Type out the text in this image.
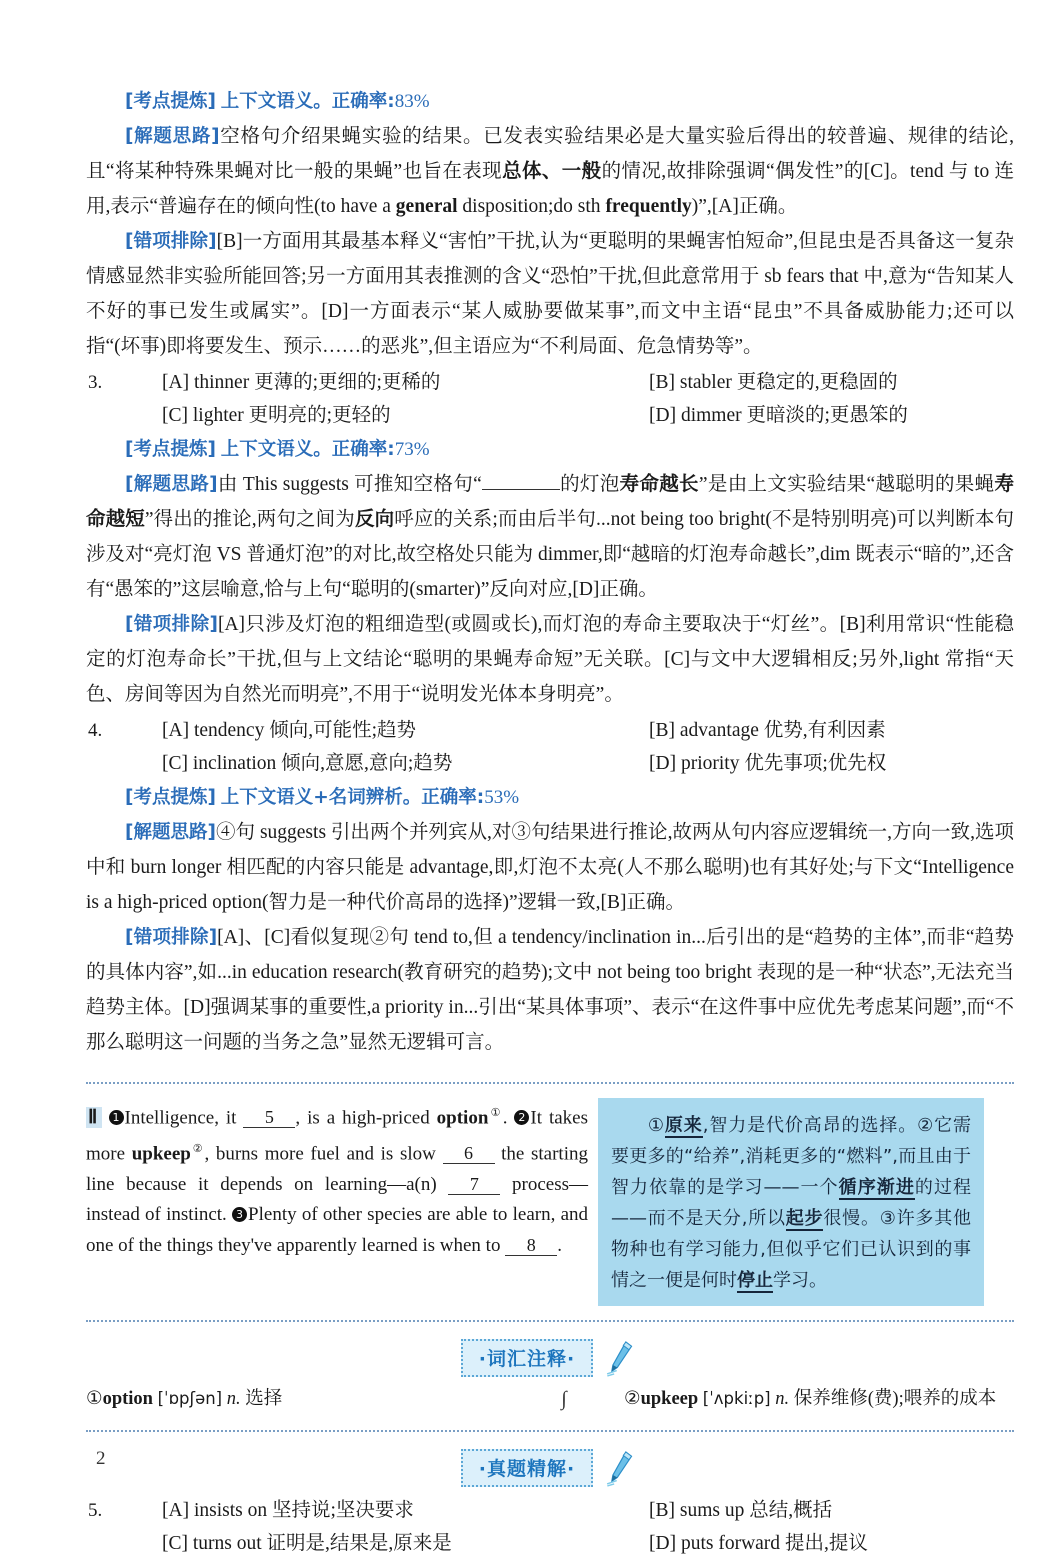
[考点提炼] 上下文语义。正确率:83%
[解题思路]空格句介绍果蝇实验的结果。已发表实验结果必是大量实验后得出的较普遍、规律的结论,且“将某种特殊果蝇对比一般的果蝇”也旨在表现总体、一般的情况,故排除强调“偶发性”的[C]。tend 与 to 连用,表示“普遍存在的倾向性(to have a general disposition;do sth frequently)”,[A]正确。
[错项排除][B]一方面用其最基本释义“害怕”干扰,认为“更聪明的果蝇害怕短命”,但昆虫是否具备这一复杂情感显然非实验所能回答;另一方面用其表推测的含义“恐怕”干扰,但此意常用于 sb fears that 中,意为“告知某人不好的事已发生或属实”。[D]一方面表示“某人威胁要做某事”,而文中主语“昆虫”不具备威胁能力;还可以指“(坏事)即将要发生、预示……的恶兆”,但主语应为“不利局面、危急情势等”。
3.	[A] thinner 更薄的;更细的;更稀的	[B] stabler 更稳定的,更稳固的
[C] lighter 更明亮的;更轻的	[D] dimmer 更暗淡的;更愚笨的
[考点提炼] 上下文语义。正确率:73%
[解题思路]由 This suggests 可推知空格句“	的灯泡寿命越长”是由上文实验结果“越聪明的果蝇寿命越短”得出的推论,两句之间为反向呼应的关系;而由后半句...not being too bright(不是特别明亮)可以判断本句涉及对“亮灯泡 VS 普通灯泡”的对比,故空格处只能为 dimmer,即“越暗的灯泡寿命越长”,dim 既表示“暗的”,还含有“愚笨的”这层喻意,恰与上句“聪明的(smarter)”反向对应,[D]正确。
[错项排除][A]只涉及灯泡的粗细造型(或圆或长),而灯泡的寿命主要取决于“灯丝”。[B]利用常识“性能稳定的灯泡寿命长”干扰,但与上文结论“聪明的果蝇寿命短”无关联。[C]与文中大逻辑相反;另外,light 常指“天色、房间等因为自然光而明亮”,不用于“说明发光体本身明亮”。
4.	[A] tendency 倾向,可能性;趋势	[B] advantage 优势,有利因素
[C] inclination 倾向,意愿,意向;趋势	[D] priority 优先事项;优先权
[考点提炼] 上下文语义+名词辨析。正确率:53%
[解题思路]④句 suggests 引出两个并列宾从,对③句结果进行推论,故两从句内容应逻辑统一,方向一致,选项中和 burn longer 相匹配的内容只能是 advantage,即,灯泡不太亮(人不那么聪明)也有其好处;与下文“Intelligence is a high-priced option(智力是一种代价高昂的选择)”逻辑一致,[B]正确。
[错项排除][A]、[C]看似复现②句 tend to,但 a tendency/inclination in...后引出的是“趋势的主体”,而非“趋势的具体内容”,如...in education research(教育研究的趋势);文中 not being too bright 表现的是一种“状态”,无法充当趋势主体。[D]强调某事的重要性,a priority in...引出“某具体事项”、表示“在这件事中应优先考虑某问题”,而“不那么聪明这一问题的当务之急”显然无逻辑可言。
Ⅱ 1 Intelligence, it 5 , is a high-priced option①. 2 It takes more upkeep②, burns more fuel and is slow 6 the starting line because it depends on learning—a(n) 7 process—instead of instinct. 3 Plenty of other species are able to learn, and one of the things they've apparently learned is when to 8 .
①原来,智力是代价高昂的选择。②它需要更多的“给养”,消耗更多的“燃料”,而且由于智力依靠的是学习——一个循序渐进的过程——而不是天分,所以起步很慢。③许多其他物种也有学习能力,但似乎它们已认识到的事情之一便是何时停止学习。
·词汇注释·
①option [ˈɒpʃən] n. 选择	∫	②upkeep [ˈʌpkiːp] n. 保养维修(费);喂养的成本
·真题精解·
5.	[A] insists on 坚持说;坚决要求	[B] sums up 总结,概括
[C] turns out 证明是,结果是,原来是	[D] puts forward 提出,提议
2
